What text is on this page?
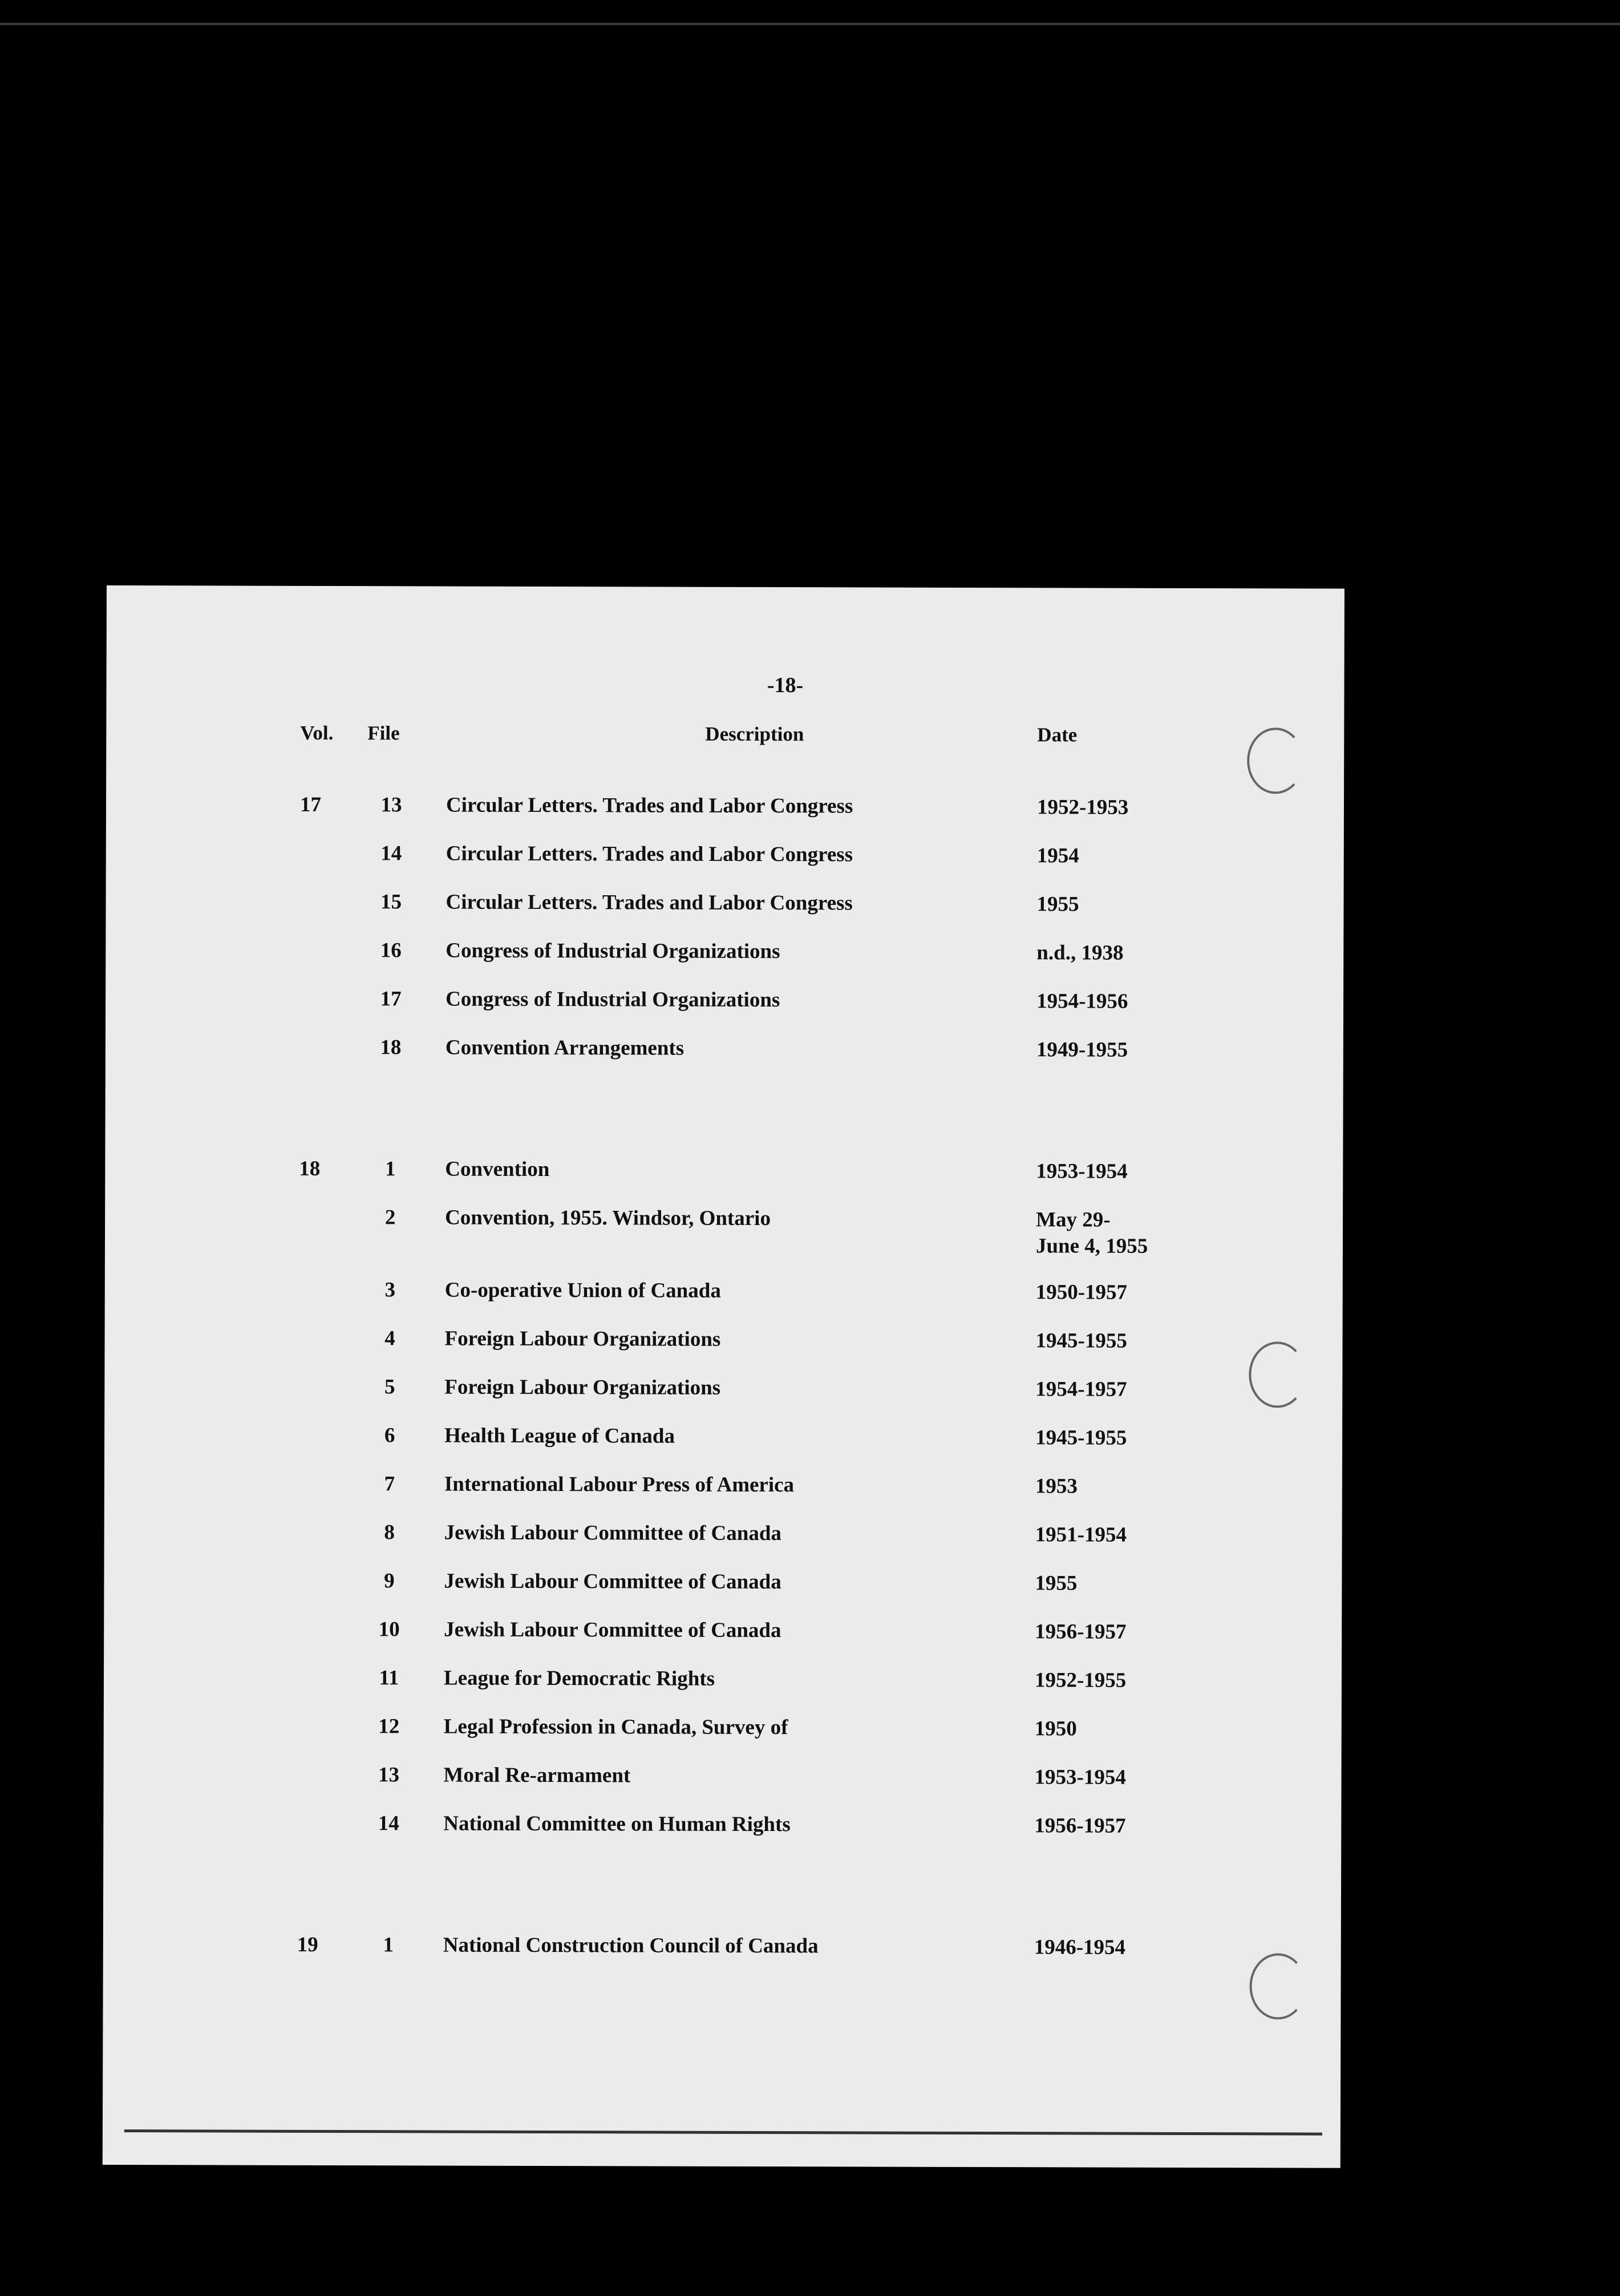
-18-
Vol. File	Description	Date
17	13	Circular Letters. Trades and Labor Congress	1952-1953
14	Circular Letters. Trades and Labor Congress	1954
15	Circular Letters. Trades and Labor Congress	1955
16	Congress of Industrial Organizations	n.d., 1938
17	Congress of Industrial Organizations	1954-1956
18	Convention Arrangements	1949-1955
18	1	Convention	1953-1954
2	Convention, 1955. Windsor, Ontario	May 29-
June 4, 1955
3	Co-operative Union of Canada	1950-1957
4	Foreign Labour Organizations	1945-1955
5	Foreign Labour Organizations	1954-1957
6	Health League of Canada	1945-1955
7	International Labour Press of America	1953
8	Jewish Labour Committee of Canada	1951-1954
9	Jewish Labour Committee of Canada	1955
10	Jewish Labour Committee of Canada	1956-1957
11	League for Democratic Rights	1952-1955
12	Legal Profession in Canada, Survey of	1950
13	Moral Re-armament	1953-1954
14	National Committee on Human Rights	1956-1957
19	1	National Construction Council of Canada	1946-1954
